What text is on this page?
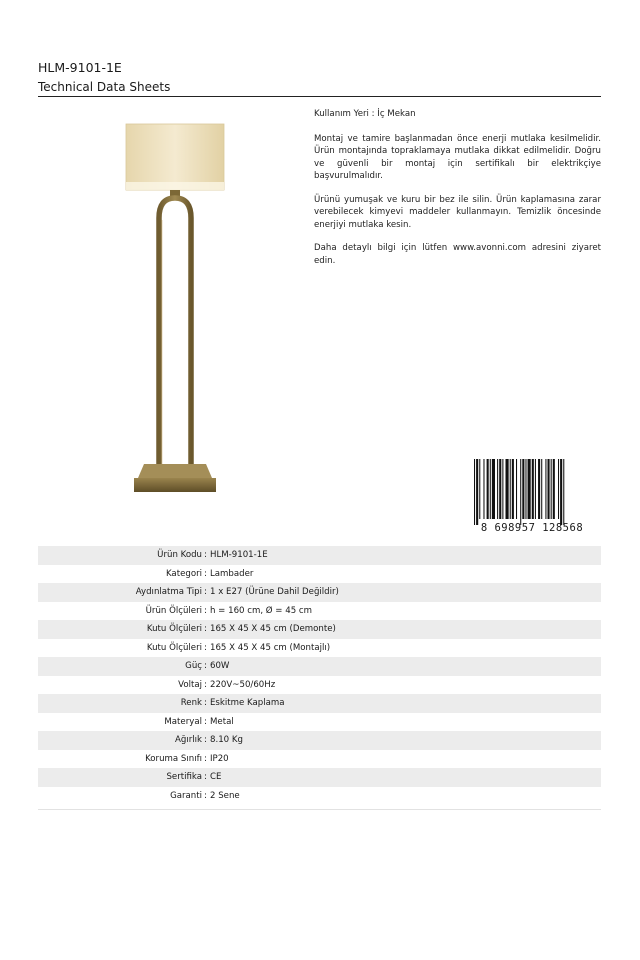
HLM-9101-1E
Technical Data Sheets

Kullanım Yeri : İç Mekan

Montaj ve tamire başlanmadan önce enerji mutlaka kesilmelidir. Ürün montajında topraklamaya mutlaka dikkat edilmelidir. Doğru ve güvenli bir montaj için sertifikalı bir elektrikçiye başvurulmalıdır.

Ürünü yumuşak ve kuru bir bez ile silin. Ürün kaplamasına zarar verebilecek kimyevi maddeler kullanmayın. Temizlik öncesinde enerjiyi mutlaka kesin.

Daha detaylı bilgi için lütfen www.avonni.com adresini ziyaret edin.

8 698957 128568
Ürün Kodu : HLM-9101-1E
Kategori : Lambader
Aydınlatma Tipi : 1 x E27 (Ürüne Dahil Değildir)
Ürün Ölçüleri : h = 160 cm, Ø = 45 cm
Kutu Ölçüleri : 165 X 45 X 45 cm (Demonte)
Kutu Ölçüleri : 165 X 45 X 45 cm (Montajlı)
Güç : 60W
Voltaj : 220V~50/60Hz
Renk : Eskitme Kaplama
Materyal : Metal
Ağırlık : 8.10 Kg
Koruma Sınıfı : IP20
Sertifika : CE
Garanti : 2 Sene
